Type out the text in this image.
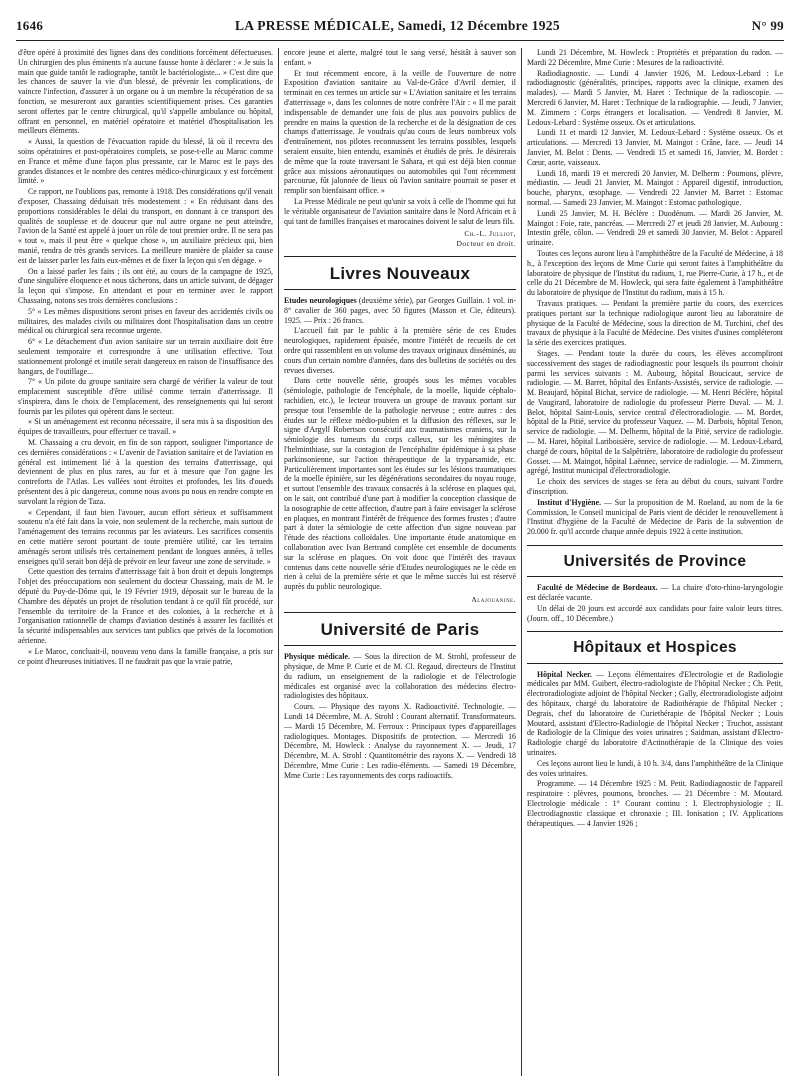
1646	LA PRESSE MÉDICALE, Samedi, 12 Décembre 1925	N° 99

d'être opéré à proximité des lignes dans des conditions forcément défectueuses. Un chirurgien des plus éminents n'a aucune fausse honte à déclarer : « Je suis la main que guide tantôt le radiographe, tantôt le bactériologiste... » C'est dire que les chances de sauver la vie d'un blessé, de prévenir les complications, de vaincre l'infection, d'assurer à un organe ou à un membre la récupération de sa fonction, se mesureront aux garanties scientifiquement prises. Ces garanties seront offertes par le centre chirurgical, qu'il s'appelle ambulance ou hôpital, offrant en personnel, en matériel opératoire et matériel d'hospitalisation les meilleurs éléments.

« Aussi, la question de l'évacuation rapide du blessé, là où il recevra des soins opératoires et post-opératoires complets, se pose-t-elle au Maroc comme en France et même d'une façon plus pressante, car le Maroc est le pays des grandes distances et le nombre des centres médico-chirurgicaux y est forcément limité. »

Ce rapport, ne l'oublions pas, remonte à 1918. Des considérations qu'il venait d'exposer, Chassaing déduisait très modestement : « En réduisant dans des proportions considérables le délai du transport, en donnant à ce transport des qualités de souplesse et de douceur que nul autre organe ne peut atteindre, l'avion de la Santé est appelé à jouer un rôle de tout premier ordre. Il ne sera pas « tout », mais il peut être « quelque chose », un auxiliaire précieux qui, bien manié, rendra de très grands services. La meilleure manière de plaider sa cause est de laisser parler les faits eux-mêmes et de fixer la leçon qui s'en dégage. »

On a laissé parler les faits ; ils ont été, au cours de la campagne de 1925, d'une singulière éloquence et nous tâcherons, dans un article suivant, de dégager la leçon qui s'impose. En attendant et pour en terminer avec le rapport Chassaing, notons ses trois dernières conclusions :

5° « Les mêmes dispositions seront prises en faveur des accidentés civils ou militaires, des malades civils ou militaires dont l'hospitalisation dans un centre médical ou chirurgical sera reconnue urgente.

6° « Le détachement d'un avion sanitaire sur un terrain auxiliaire doit être seulement temporaire et correspondre à une utilisation effective. Tout stationnement prolongé et inutile serait dangereux en raison de l'insuffisance des hangars, de l'outillage...

7° « Un pilote du groupe sanitaire sera chargé de vérifier la valeur de tout emplacement susceptible d'être utilisé comme terrain d'atterrissage. Il s'inspirera, dans le choix de l'emplacement, des renseignements qui lui seront fournis par les pilotes qui opèrent dans le secteur.

« Si un aménagement est reconnu nécessaire, il sera mis à sa disposition des équipes de travailleurs, pour effectuer ce travail. »

M. Chassaing a cru devoir, en fin de son rapport, souligner l'importance de ces dernières considérations : « L'avenir de l'aviation sanitaire et de l'aviation en général est intimement lié à la question des terrains d'atterrissage, qui deviennent de plus en plus rares, au fur et à mesure que l'on gagne les contreforts de l'Atlas. Les vallées sont étroites et profondes, les lits d'oueds présentent des à pic dangereux, comme nous avons pu nous en rendre compte en survolant la région de Taza.

« Cependant, il faut bien l'avouer, aucun effort sérieux et suffisamment soutenu n'a été fait dans la voie, non seulement de la recherche, mais surtout de l'aménagement des terrains reconnus par les aviateurs. Les sacrifices consentis en cette matière seront pourtant de toute première utilité, car les terrains aménagés seront utilisés très certainement pendant de longues années, à telles enseignes qu'il serait bon déjà de prévoir en leur faveur une zone de servitude. »

Cette question des terrains d'atterrissage fait à bon droit et depuis longtemps l'objet des préoccupations non seulement du docteur Chassaing, mais de M. le député du Puy-de-Dôme qui, le 19 Février 1919, déposait sur le bureau de la Chambre des députés un projet de résolution tendant à ce qu'il fût procédé, sur l'ensemble du territoire de la France et des colonies, à la recherche et à l'organisation rationnelle de champs d'aviation destinés à assurer les facilités et la sécurité indispensables aux services tant publics que privés de la locomotion aérienne.

« Le Maroc, concluait-il, nouveau venu dans la famille française, a pris sur ce point d'heureuses initiatives. Il ne faudrait pas que la vraie patrie,

encore jeune et alerte, malgré tout le sang versé, hésitât à sauver son enfant. »

Et tout récemment encore, à la veille de l'ouverture de notre Exposition d'aviation sanitaire au Val-de-Grâce d'Avril dernier, il terminait en ces termes un article sur « L'Aviation sanitaire et les terrains d'atterrissage », dans les colonnes de notre confrère l'Air : « Il me parait indispensable de demander une fois de plus aux pouvoirs publics de prendre en mains la question de la recherche et de la désignation de ces champs d'atterrissage. Je voudrais qu'au cours de leurs nombreux vols d'entraînement, nos pilotes reconnussent les terrains possibles, lesquels seraient ensuite, bien entendu, examinés et étudiés de près. Je désirerais de même que la route traversant le Sahara, et qui est déjà bien connue grâce aux missions aéronautiques ou automobiles qui l'ont récemment parcourue, fût jalonnée de lieux où l'avion sanitaire pourrait se poser et remplir son bienfaisant office. »

La Presse Médicale ne peut qu'unir sa voix à celle de l'homme qui fut le véritable organisateur de l'aviation sanitaire dans le Nord Africain et à qui tant de familles françaises et marocaines doivent le salut de leurs fils.

Ch.-L. Julliot,
Docteur en droit.
Livres Nouveaux

Etudes neurologiques (deuxième série), par Georges Guillain. 1 vol. in-8° cavalier de 360 pages, avec 50 figures (Masson et Cie, éditeurs). 1925. — Prix : 26 francs.

L'accueil fait par le public à la première série de ces Etudes neurologiques, rapidement épuisée, montre l'intérêt de recueils de cet ordre qui rassemblent en un volume des travaux originaux disséminés, au cours d'un certain nombre d'années, dans des bulletins de sociétés ou des revues diverses.

Dans cette nouvelle série, groupés sous les mêmes vocables (sémiologie, pathologie de l'encéphale, de la moelle, liquide céphalo-rachidien, etc.), le lecteur trouvera un groupe de travaux portant sur presque tout l'ensemble de la pathologie nerveuse ; entre autres : des études sur le réflexe médio-pubien et la diffusion des réflexes, sur le signe d'Argyll Robertson consécutif aux traumatismes craniens, sur la sémiologie des tumeurs du corps calleux, sur les méningites de l'helminthiase, sur la contagion de l'encéphalite épidémique à sa phase parkinsonienne, sur l'action thérapeutique de la tryparsamide, etc. Particulièrement importantes sont les études sur les lésions traumatiques de la moelle épinière, sur les dégénérations secondaires du noyau rouge, et surtout l'ensemble des travaux consacrés à la sclérose en plaques qui, on le sait, ont contribué d'une part à modifier la conception classique de la nosographie de cette affection, d'autre part à faire envisager la sclérose en plaques, en montrant l'intérêt de fréquence des formes frustes ; d'autre part à doter la sémiologie de cette affection d'un signe nouveau par l'étude des réactions colloïdales. Une importante étude anatomique en collaboration avec Ivan Bertrand complète cet ensemble de documents sur la sclérose en plaques. On voit donc que l'intérêt des travaux contenus dans cette nouvelle série d'Etudes neurologiques ne le cède en rien à celui de la première série et que le même succès lui est réservé auprès du public neurologique.

Alajouanine.
Université de Paris

Physique médicale. — Sous la direction de M. Strohl, professeur de physique, de Mme P. Curie et de M. Cl. Regaud, directeurs de l'Institut du radium, un enseignement de la radiologie et de l'électrologie médicales est organisé avec la collaboration des médecins électro-radiologistes des hôpitaux.

Cours. — Physique des rayons X. Radioactivité. Technologie. — Lundi 14 Décembre, M. A. Strohl : Courant alternatif. Transformateurs. — Mardi 15 Décembre, M. Ferroux : Principaux types d'appareillages radiologiques. Montages. Dispositifs de protection. — Mercredi 16 Décembre, M. Howleck : Analyse du rayonnement X. — Jeudi, 17 Décembre, M. A. Strohl : Quantitométrie des rayons X. — Vendredi 18 Décembre, Mme Curie : Les radio-éléments. — Samedi 19 Décembre, Mme Curie : Les rayonnements des corps radioactifs.

Lundi 21 Décembre, M. Howleck : Propriétés et préparation du radon. — Mardi 22 Décembre, Mme Curie : Mesures de la radioactivité.

Radiodiagnostic. — Lundi 4 Janvier 1926, M. Ledoux-Lebard : Le radiodiagnostic (généralités, principes, rapports avec la clinique, examen des malades). — Mardi 5 Janvier, M. Haret : Technique de la radioscopie. — Mercredi 6 Janvier, M. Haret : Technique de la radiographie. — Jeudi, 7 Janvier, M. Zimmern : Corps étrangers et localisation. — Vendredi 8 Janvier, M. Ledoux-Lebard : Système osseux. Os et articulations.

Lundi 11 et mardi 12 Janvier, M. Ledoux-Lebard : Système osseux. Os et articulations. — Mercredi 13 Janvier, M. Maingot : Crâne, face. — Jeudi 14 Janvier, M. Belot : Dents. — Vendredi 15 et samedi 16, Janvier, M. Bordet : Cœur, aorte, vaisseaux.

Lundi 18, mardi 19 et mercredi 20 Janvier, M. Delherm : Poumons, plèvre, médiastin. — Jeudi 21 Janvier, M. Maingot : Appareil digestif, introduction, bouche, pharynx, œsophage. — Vendredi 22 Janvier M. Barret : Estomac normal. — Samedi 23 Janvier, M. Maingot : Estomac pathologique.

Lundi 25 Janvier, M. H. Béclère : Duodénum. — Mardi 26 Janvier, M. Maingot : Foie, rate, pancréas. — Mercredi 27 et jeudi 28 Janvier, M. Aubourg : Intestin grêle, côlon. — Vendredi 29 et samedi 30 Janvier, M. Belot : Appareil urinaire.

Toutes ces leçons auront lieu à l'amphithéâtre de la Faculté de Médecine, à 18 h., à l'exception des leçons de Mme Curie qui seront faites à l'amphithéâtre du laboratoire de physique de l'Institut du radium, 1, rue Pierre-Curie, à 17 h., et de celle du 21 Décembre de M. Howleck, qui sera faite également à l'amphithéâtre du laboratoire de physique de l'Institut du radium, mais à 15 h.

Travaux pratiques. — Pendant la première partie du cours, des exercices pratiques portant sur la technique radiologique auront lieu au laboratoire de physique de la Faculté de Médecine, sous la direction de M. Turchini, chef des travaux de physique à la Faculté de Médecine. Des visites d'usines compléteront la série des exercices pratiques.

Stages. — Pendant toute la durée du cours, les élèves accompliront successivement des stages de radiodiagnostic pour lesquels ils pourront choisir parmi les services suivants : M. Aubourg, hôpital Boucicaut, service de radiologie. — M. Barret, hôpital des Enfants-Assistés, service de radiologie. — M. Beaujard, hôpital Bichat, service de radiologie. — M. Henri Béclère, hôpital de Vaugirard, laboratoire de radiologie du professeur Pierre Duval. — M. J. Belot, hôpital Saint-Louis, service central d'électroradiologie. — M. Bordet, hôpital de la Pitié, service du professeur Vaquez. — M. Darbois, hôpital Tenon, service de radiologie. — M. Delherm, hôpital de la Pitié, service de radiologie. — M. Haret, hôpital Lariboisière, service de radiologie. — M. Ledoux-Lebard, chargé de cours, hôpital de la Salpêtrière, laboratoire de radiologie du professeur Gosset. — M. Maingot, hôpital Laënnec, service de radiologie. — M. Zimmern, agrégé, Institut municipal d'électroradiologie.

Le choix des services de stages se fera au début du cours, suivant l'ordre d'inscription.

Institut d'Hygiène. — Sur la proposition de M. Roeland, au nom de la 6e Commission, le Conseil municipal de Paris vient de décider le renouvellement à l'Institut d'hygiène de la Faculté de Médecine de Paris de la subvention de 20.000 fr. qu'il accorde chaque année depuis 1922 à cette institution.

Universités de Province

Faculté de Médecine de Bordeaux. — La chaire d'oto-rhino-laryngologie est déclarée vacante.

Un délai de 20 jours est accordé aux candidats pour faire valoir leurs titres. (Journ. off., 10 Décembre.)

Hôpitaux et Hospices

Hôpital Necker. — Leçons élémentaires d'Electrologie et de Radiologie médicales par MM. Guibert, électro-radiologiste de l'hôpital Necker ; Ch. Petit, électroradiologiste adjoint de l'hôpital Necker ; Gally, électroradiologiste adjoint des hôpitaux, chargé du laboratoire de Radiothérapie de l'hôpital Necker ; Degrais, chef du laboratoire de Curiethérapie de l'hôpital Necker ; Louis Moutard, assistant d'Electro-Radiologie de l'hôpital Necker ; Truchot, assistant de Radiologie de la Clinique des voies urinaires ; Saidman, assistant d'Electro-Radiologie chargé du laboratoire d'Actinothérapie de la Clinique des voies urinaires.

Ces leçons auront lieu le lundi, à 10 h. 3/4, dans l'amphithéâtre de la Clinique des voies urinaires.

Programme. — 14 Décembre 1925 : M. Petit. Radiodiagnostic de l'appareil respiratoire : plèvres, poumons, bronches. — 21 Décembre : M. Moutard. Electrologie médicale : 1° Courant continu : I. Electrophysiologie ; II. Electrodiagnostic classique et chronaxie ; III. Ionisation ; IV. Applications thérapeutiques. — 4 Janvier 1926 ;
